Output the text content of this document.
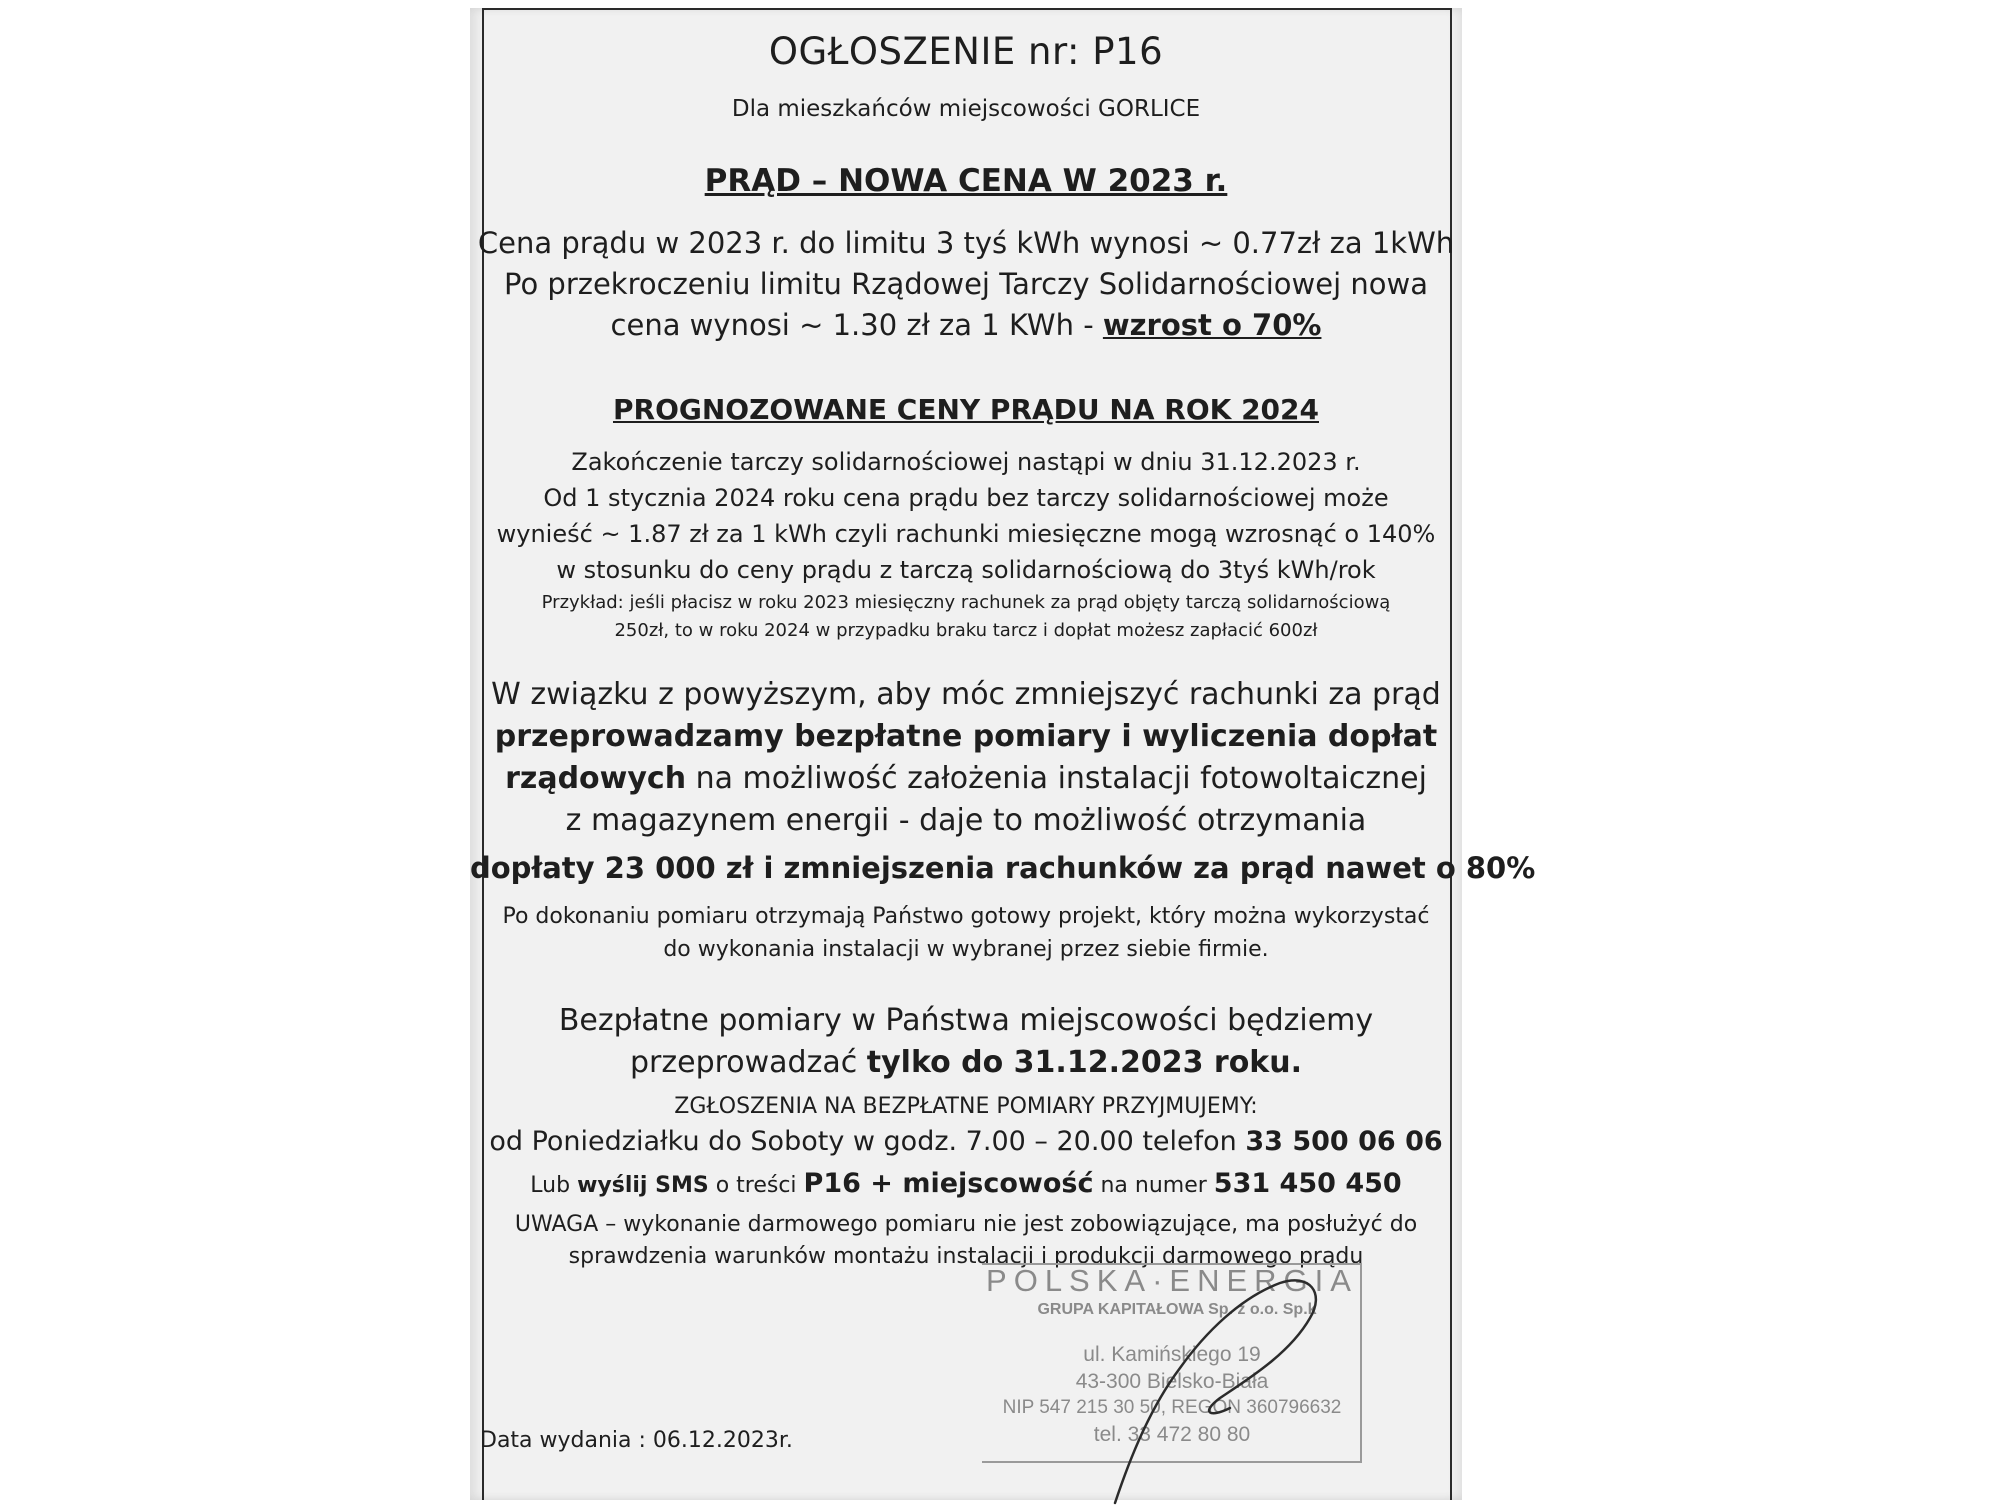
OGŁOSZENIE nr: P16
Dla mieszkańców miejscowości GORLICE
PRĄD – NOWA CENA W 2023 r.
Cena prądu w 2023 r. do limitu 3 tyś kWh wynosi ~ 0.77zł za 1kWh
Po przekroczeniu limitu Rządowej Tarczy Solidarnościowej nowa
cena wynosi ~ 1.30 zł za 1 KWh - wzrost o 70%
PROGNOZOWANE CENY PRĄDU NA ROK 2024
Zakończenie tarczy solidarnościowej nastąpi w dniu 31.12.2023 r.
Od 1 stycznia 2024 roku cena prądu bez tarczy solidarnościowej może
wynieść ~ 1.87 zł za 1 kWh czyli rachunki miesięczne mogą wzrosnąć o 140%
w stosunku do ceny prądu z tarczą solidarnościową do 3tyś kWh/rok
Przykład: jeśli płacisz w roku 2023 miesięczny rachunek za prąd objęty tarczą solidarnościową
250zł, to w roku 2024 w przypadku braku tarcz i dopłat możesz zapłacić 600zł
W związku z powyższym, aby móc zmniejszyć rachunki za prąd
przeprowadzamy bezpłatne pomiary i wyliczenia dopłat
rządowych na możliwość założenia instalacji fotowoltaicznej
z magazynem energii - daje to możliwość otrzymania
dopłaty 23 000 zł i zmniejszenia rachunków za prąd nawet o 80%
Po dokonaniu pomiaru otrzymają Państwo gotowy projekt, który można wykorzystać
do wykonania instalacji w wybranej przez siebie firmie.
Bezpłatne pomiary w Państwa miejscowości będziemy
przeprowadzać tylko do 31.12.2023 roku.
ZGŁOSZENIA NA BEZPŁATNE POMIARY PRZYJMUJEMY:
od Poniedziałku do Soboty w godz. 7.00 – 20.00 telefon 33 500 06 06
Lub wyślij SMS o treści P16 + miejscowość na numer 531 450 450
UWAGA – wykonanie darmowego pomiaru nie jest zobowiązujące, ma posłużyć do
sprawdzenia warunków montażu instalacji i produkcji darmowego prądu
POLSKA·ENERGIA
GRUPA KAPITAŁOWA Sp. z o.o. Sp.k
ul. Kamińskiego 19
43-300 Bielsko-Biała
NIP 547 215 30 50, REGON 360796632
tel. 33 472 80 80
Data wydania : 06.12.2023r.
